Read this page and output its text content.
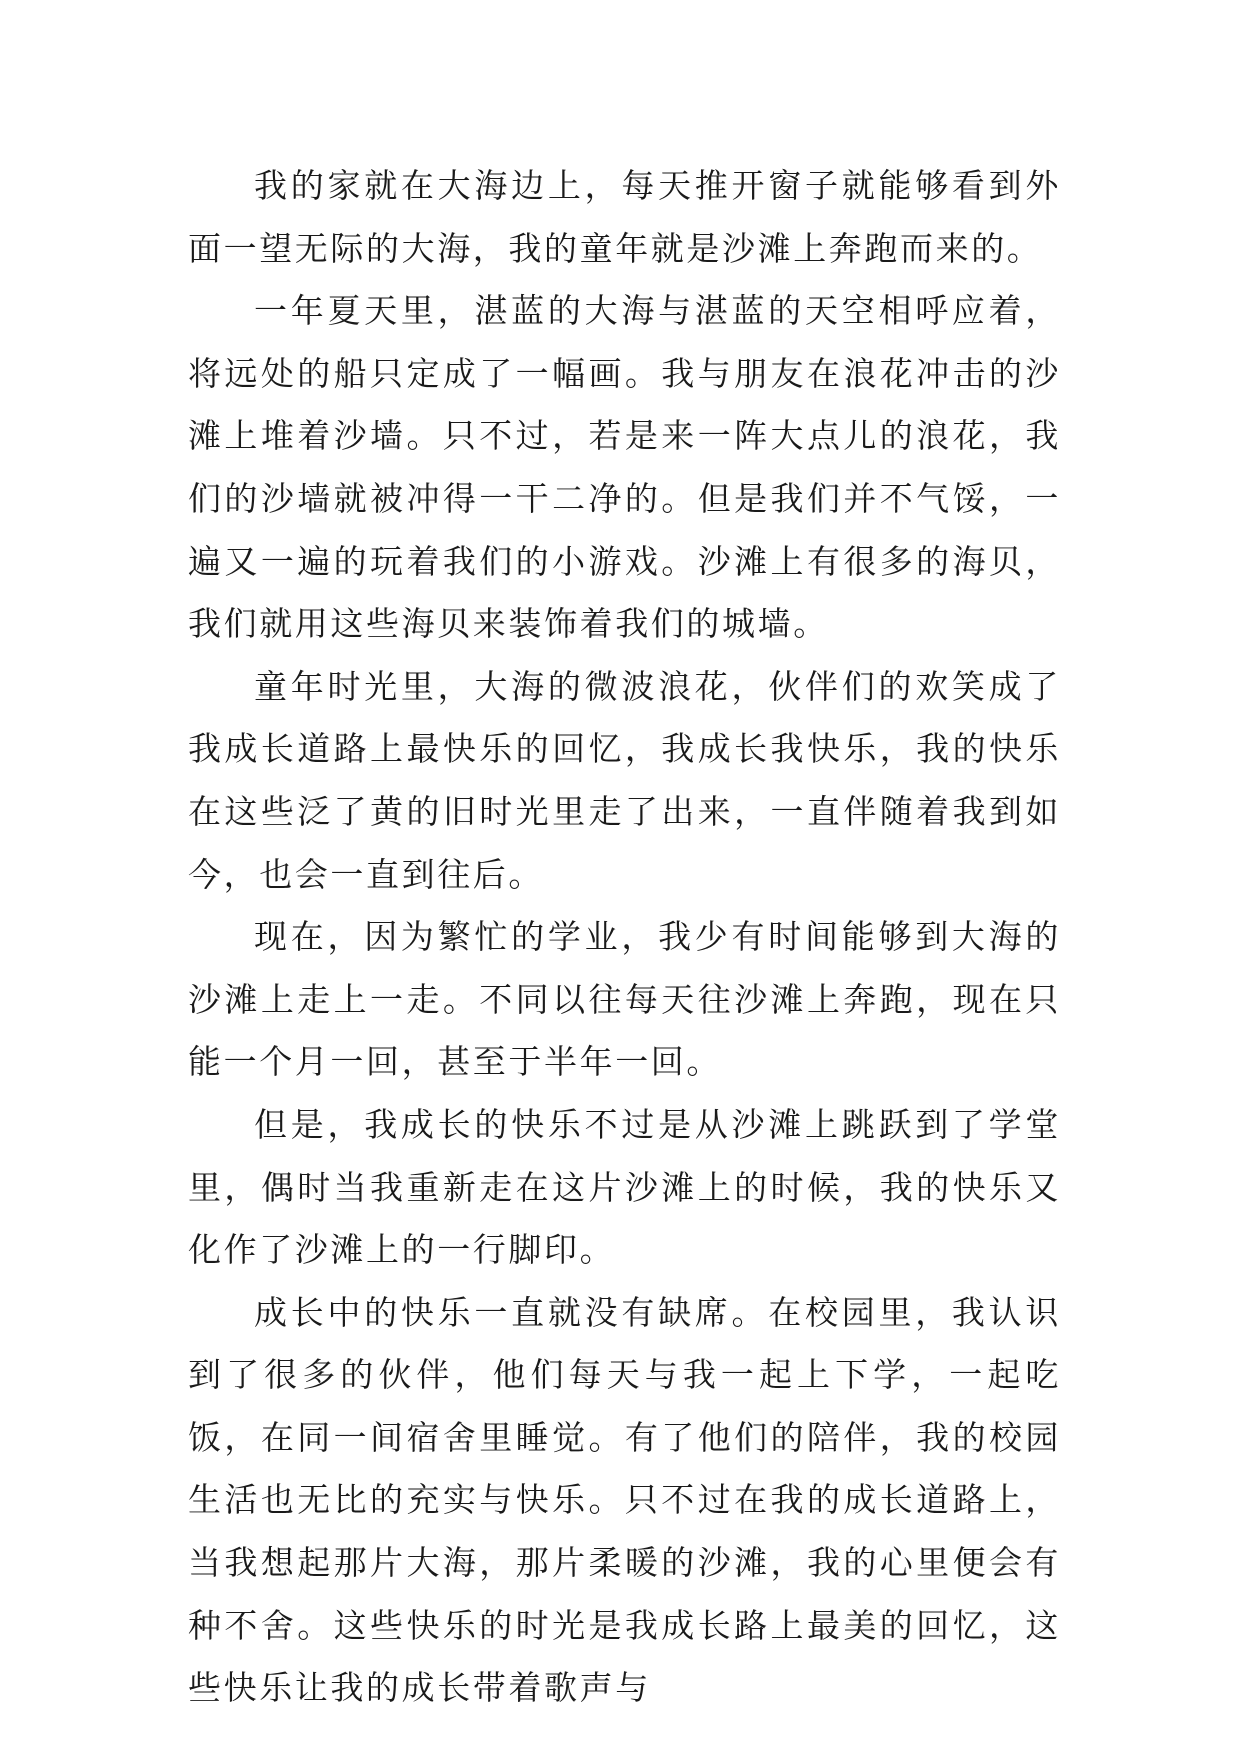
我的家就在大海边上，每天推开窗子就能够看到外面一望无际的大海，我的童年就是沙滩上奔跑而来的。

一年夏天里，湛蓝的大海与湛蓝的天空相呼应着，将远处的船只定成了一幅画。我与朋友在浪花冲击的沙滩上堆着沙墙。只不过，若是来一阵大点儿的浪花，我们的沙墙就被冲得一干二净的。但是我们并不气馁，一遍又一遍的玩着我们的小游戏。沙滩上有很多的海贝，我们就用这些海贝来装饰着我们的城墙。

童年时光里，大海的微波浪花，伙伴们的欢笑成了我成长道路上最快乐的回忆，我成长我快乐，我的快乐在这些泛了黄的旧时光里走了出来，一直伴随着我到如今，也会一直到往后。

现在，因为繁忙的学业，我少有时间能够到大海的沙滩上走上一走。不同以往每天往沙滩上奔跑，现在只能一个月一回，甚至于半年一回。

但是，我成长的快乐不过是从沙滩上跳跃到了学堂里，偶时当我重新走在这片沙滩上的时候，我的快乐又化作了沙滩上的一行脚印。

成长中的快乐一直就没有缺席。在校园里，我认识到了很多的伙伴，他们每天与我一起上下学，一起吃饭，在同一间宿舍里睡觉。有了他们的陪伴，我的校园生活也无比的充实与快乐。只不过在我的成长道路上，当我想起那片大海，那片柔暖的沙滩，我的心里便会有种不舍。这些快乐的时光是我成长路上最美的回忆，这些快乐让我的成长带着歌声与
